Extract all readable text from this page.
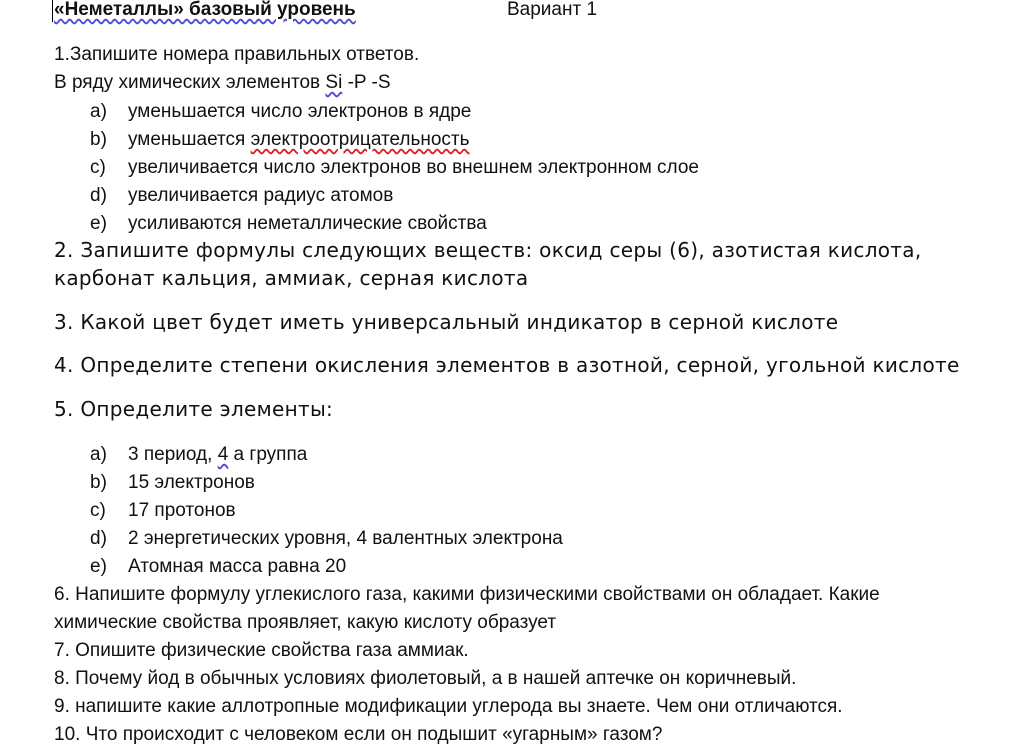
«Неметаллы» базовый уровень	Вариант 1
1.Запишите номера правильных ответов.
В ряду химических элементов Si -P -S
a) уменьшается число электронов в ядре
b) уменьшается электроотрицательность
c) увеличивается число электронов во внешнем электронном слое
d) увеличивается радиус атомов
e) усиливаются неметаллические свойства
2. Запишите формулы следующих веществ: оксид серы (6), азотистая кислота,
карбонат кальция, аммиак, серная кислота
3. Какой цвет будет иметь универсальный индикатор в серной кислоте
4. Определите степени окисления элементов в азотной, серной, угольной кислоте
5. Определите элементы:
a) 3 период, 4 а группа
b) 15 электронов
c) 17 протонов
d) 2 энергетических уровня, 4 валентных электрона
e) Атомная масса равна 20
6. Напишите формулу углекислого газа, какими физическими свойствами он обладает. Какие
химические свойства проявляет, какую кислоту образует
7. Опишите физические свойства газа аммиак.
8. Почему йод в обычных условиях фиолетовый, а в нашей аптечке он коричневый.
9. напишите какие аллотропные модификации углерода вы знаете. Чем они отличаются.
10. Что происходит с человеком если он подышит «угарным» газом?
